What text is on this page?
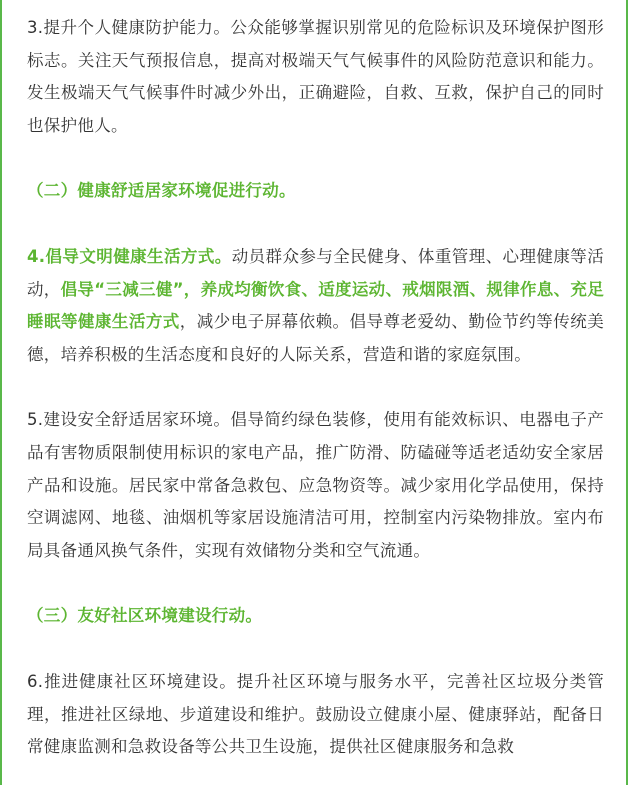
3.提升个人健康防护能力。公众能够掌握识别常见的危险标识及环境保护图形标志。关注天气预报信息，提高对极端天气气候事件的风险防范意识和能力。发生极端天气气候事件时减少外出，正确避险，自救、互救，保护自己的同时也保护他人。

（二）健康舒适居家环境促进行动。

4.倡导文明健康生活方式。动员群众参与全民健身、体重管理、心理健康等活动，倡导“三减三健”，养成均衡饮食、适度运动、戒烟限酒、规律作息、充足睡眠等健康生活方式，减少电子屏幕依赖。倡导尊老爱幼、勤俭节约等传统美德，培养积极的生活态度和良好的人际关系，营造和谐的家庭氛围。

5.建设安全舒适居家环境。倡导简约绿色装修，使用有能效标识、电器电子产品有害物质限制使用标识的家电产品，推广防滑、防磕碰等适老适幼安全家居产品和设施。居民家中常备急救包、应急物资等。减少家用化学品使用，保持空调滤网、地毯、油烟机等家居设施清洁可用，控制室内污染物排放。室内布局具备通风换气条件，实现有效储物分类和空气流通。

（三）友好社区环境建设行动。

6.推进健康社区环境建设。提升社区环境与服务水平，完善社区垃圾分类管理，推进社区绿地、步道建设和维护。鼓励设立健康小屋、健康驿站，配备日常健康监测和急救设备等公共卫生设施，提供社区健康服务和急救
